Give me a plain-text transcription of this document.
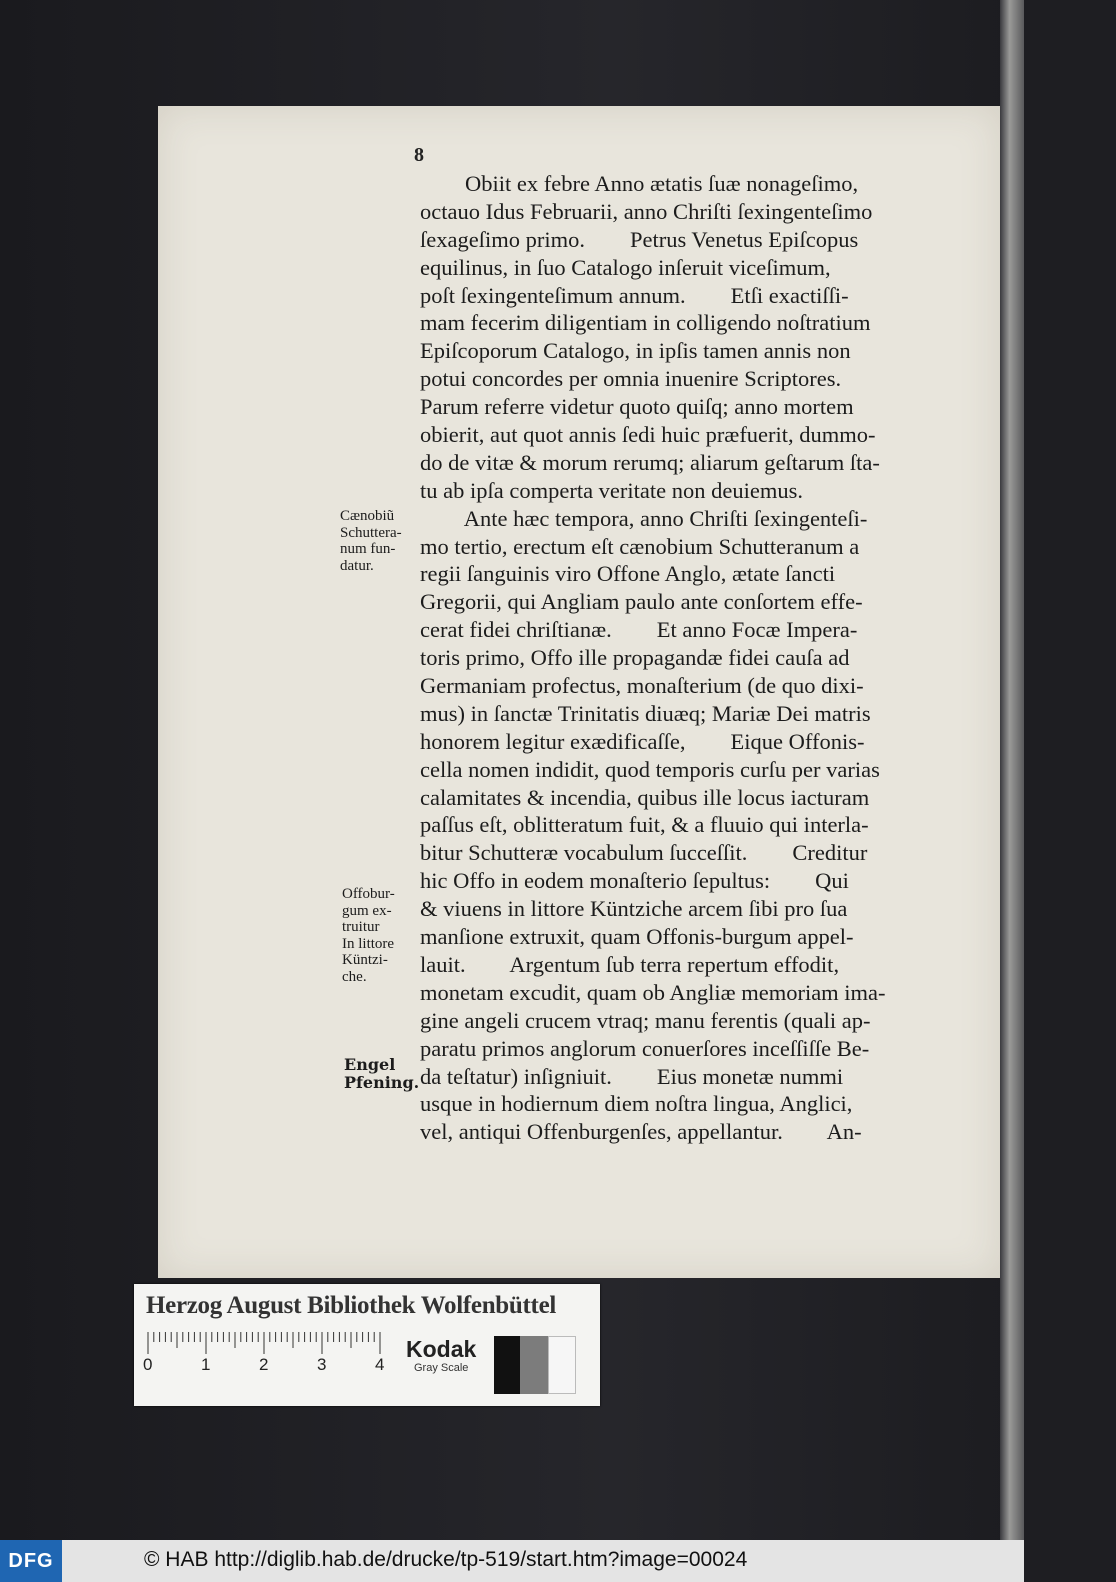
8
Obiit ex febre Anno ætatis ſuæ nonageſimo,
octauo Idus Februarii, anno Chriſti ſexingenteſimo
ſexageſimo primo.        Petrus Venetus Epiſcopus
equilinus, in ſuo Catalogo inſeruit viceſimum,
poſt ſexingenteſimum annum.        Etſi exactiſſi-
mam fecerim diligentiam in colligendo noſtratium
Epiſcoporum Catalogo, in ipſis tamen annis non
potui concordes per omnia inuenire Scriptores.
Parum referre videtur quoto quiſq; anno mortem
obierit, aut quot annis ſedi huic præfuerit, dummo-
do de vitæ & morum rerumq; aliarum geſtarum ſta-
tu ab ipſa comperta veritate non deuiemus.
Ante hæc tempora, anno Chriſti ſexingenteſi-
mo tertio, erectum eſt cænobium Schutteranum a
regii ſanguinis viro Offone Anglo, ætate ſancti
Gregorii, qui Angliam paulo ante conſortem effe-
cerat fidei chriſtianæ.        Et anno Focæ Impera-
toris primo, Offo ille propagandæ fidei cauſa ad
Germaniam profectus, monaſterium (de quo dixi-
mus) in ſanctæ Trinitatis diuæq; Mariæ Dei matris
honorem legitur exædificaſſe,        Eique Offonis-
cella nomen indidit, quod temporis curſu per varias
calamitates & incendia, quibus ille locus iacturam
paſſus eſt, oblitteratum fuit, & a fluuio qui interla-
bitur Schutteræ vocabulum ſucceſſit.        Creditur
hic Offo in eodem monaſterio ſepultus:        Qui
& viuens in littore Küntziche arcem ſibi pro ſua
manſione extruxit, quam Offonis-burgum appel-
lauit.        Argentum ſub terra repertum effodit,
monetam excudit, quam ob Angliæ memoriam ima-
gine angeli crucem vtraq; manu ferentis (quali ap-
paratu primos anglorum conuerſores inceſſiſſe Be-
da teſtatur) inſigniuit.        Eius monetæ nummi
usque in hodiernum diem noſtra lingua, Anglici,
vel, antiqui Offenburgenſes, appellantur.        An-
Cænobiũ
Schuttera-
num fun-
datur.
Offobur-
gum ex-
truitur
In littore
Küntzi-
che.
Engel
Pfening.
Herzog August Bibliothek Wolfenbüttel
0	1	2	3	4
Kodak
Gray Scale
DFG	© HAB http://diglib.hab.de/drucke/tp-519/start.htm?image=00024
